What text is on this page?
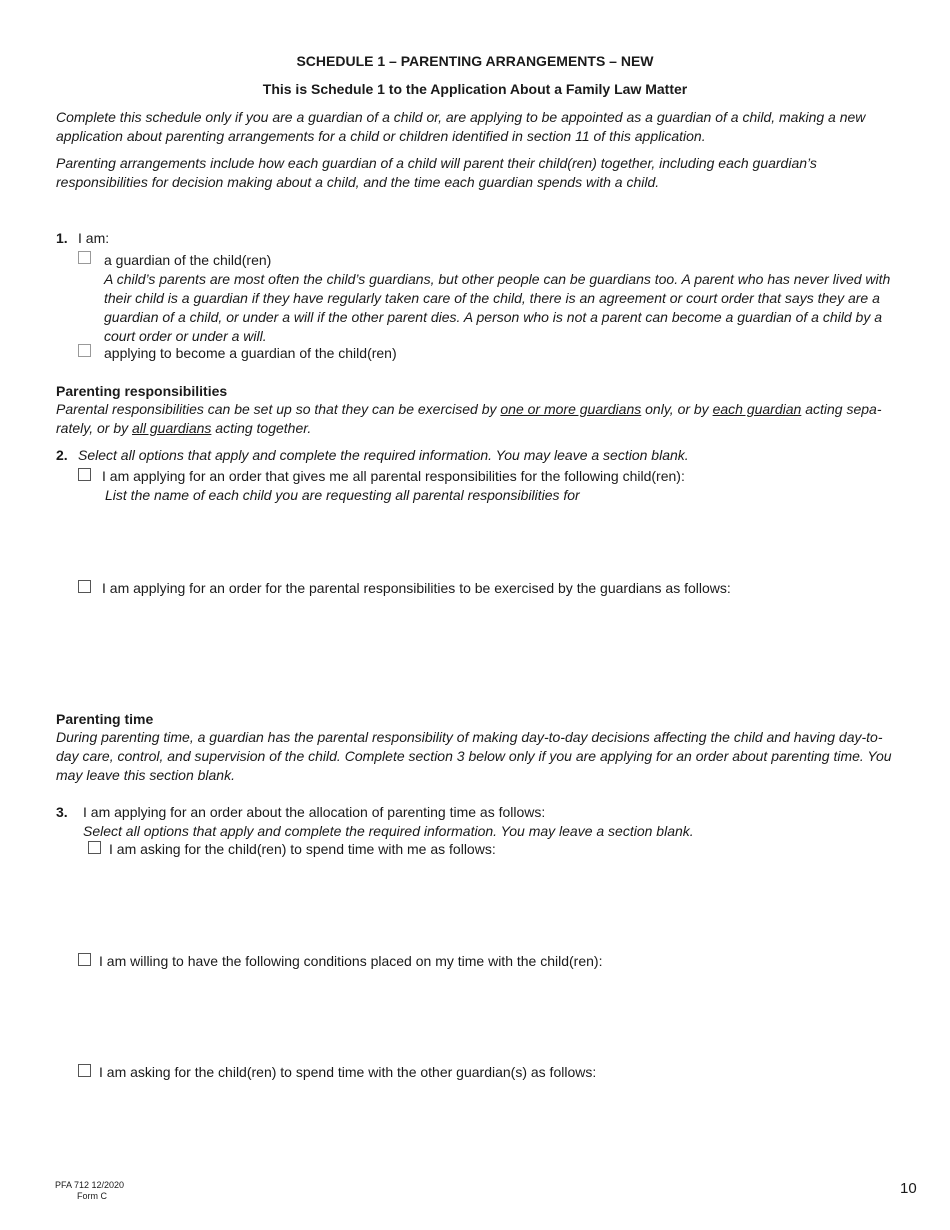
SCHEDULE 1 – PARENTING ARRANGEMENTS – NEW
This is Schedule 1 to the Application About a Family Law Matter

Complete this schedule only if you are a guardian of a child or, are applying to be appointed as a guardian of a child, making a new application about parenting arrangements for a child or children identified in section 11 of this application.

Parenting arrangements include how each guardian of a child will parent their child(ren) together, including each guardian’s responsibilities for decision making about a child, and the time each guardian spends with a child.

1. I am:
a guardian of the child(ren)

A child’s parents are most often the child’s guardians, but other people can be guardians too. A parent who has never lived with their child is a guardian if they have regularly taken care of the child, there is an agreement or court order that says they are a guardian of a child, or under a will if the other parent dies. A person who is not a parent can become a guardian of a child by a court order or under a will.

applying to become a guardian of the child(ren)
Parenting responsibilities

Parental responsibilities can be set up so that they can be exercised by one or more guardians only, or by each guardian acting sepa-rately, or by all guardians acting together.

2. Select all options that apply and complete the required information. You may leave a section blank.
I am applying for an order that gives me all parental responsibilities for the following child(ren):
List the name of each child you are requesting all parental responsibilities for
I am applying for an order for the parental responsibilities to be exercised by the guardians as follows:
Parenting time

During parenting time, a guardian has the parental responsibility of making day-to-day decisions affecting the child and having day-to-day care, control, and supervision of the child. Complete section 3 below only if you are applying for an order about parenting time. You may leave this section blank.

3. I am applying for an order about the allocation of parenting time as follows:
Select all options that apply and complete the required information. You may leave a section blank.
I am asking for the child(ren) to spend time with me as follows:
I am willing to have the following conditions placed on my time with the child(ren):
I am asking for the child(ren) to spend time with the other guardian(s) as follows:
PFA 712 12/2020
Form C	10
